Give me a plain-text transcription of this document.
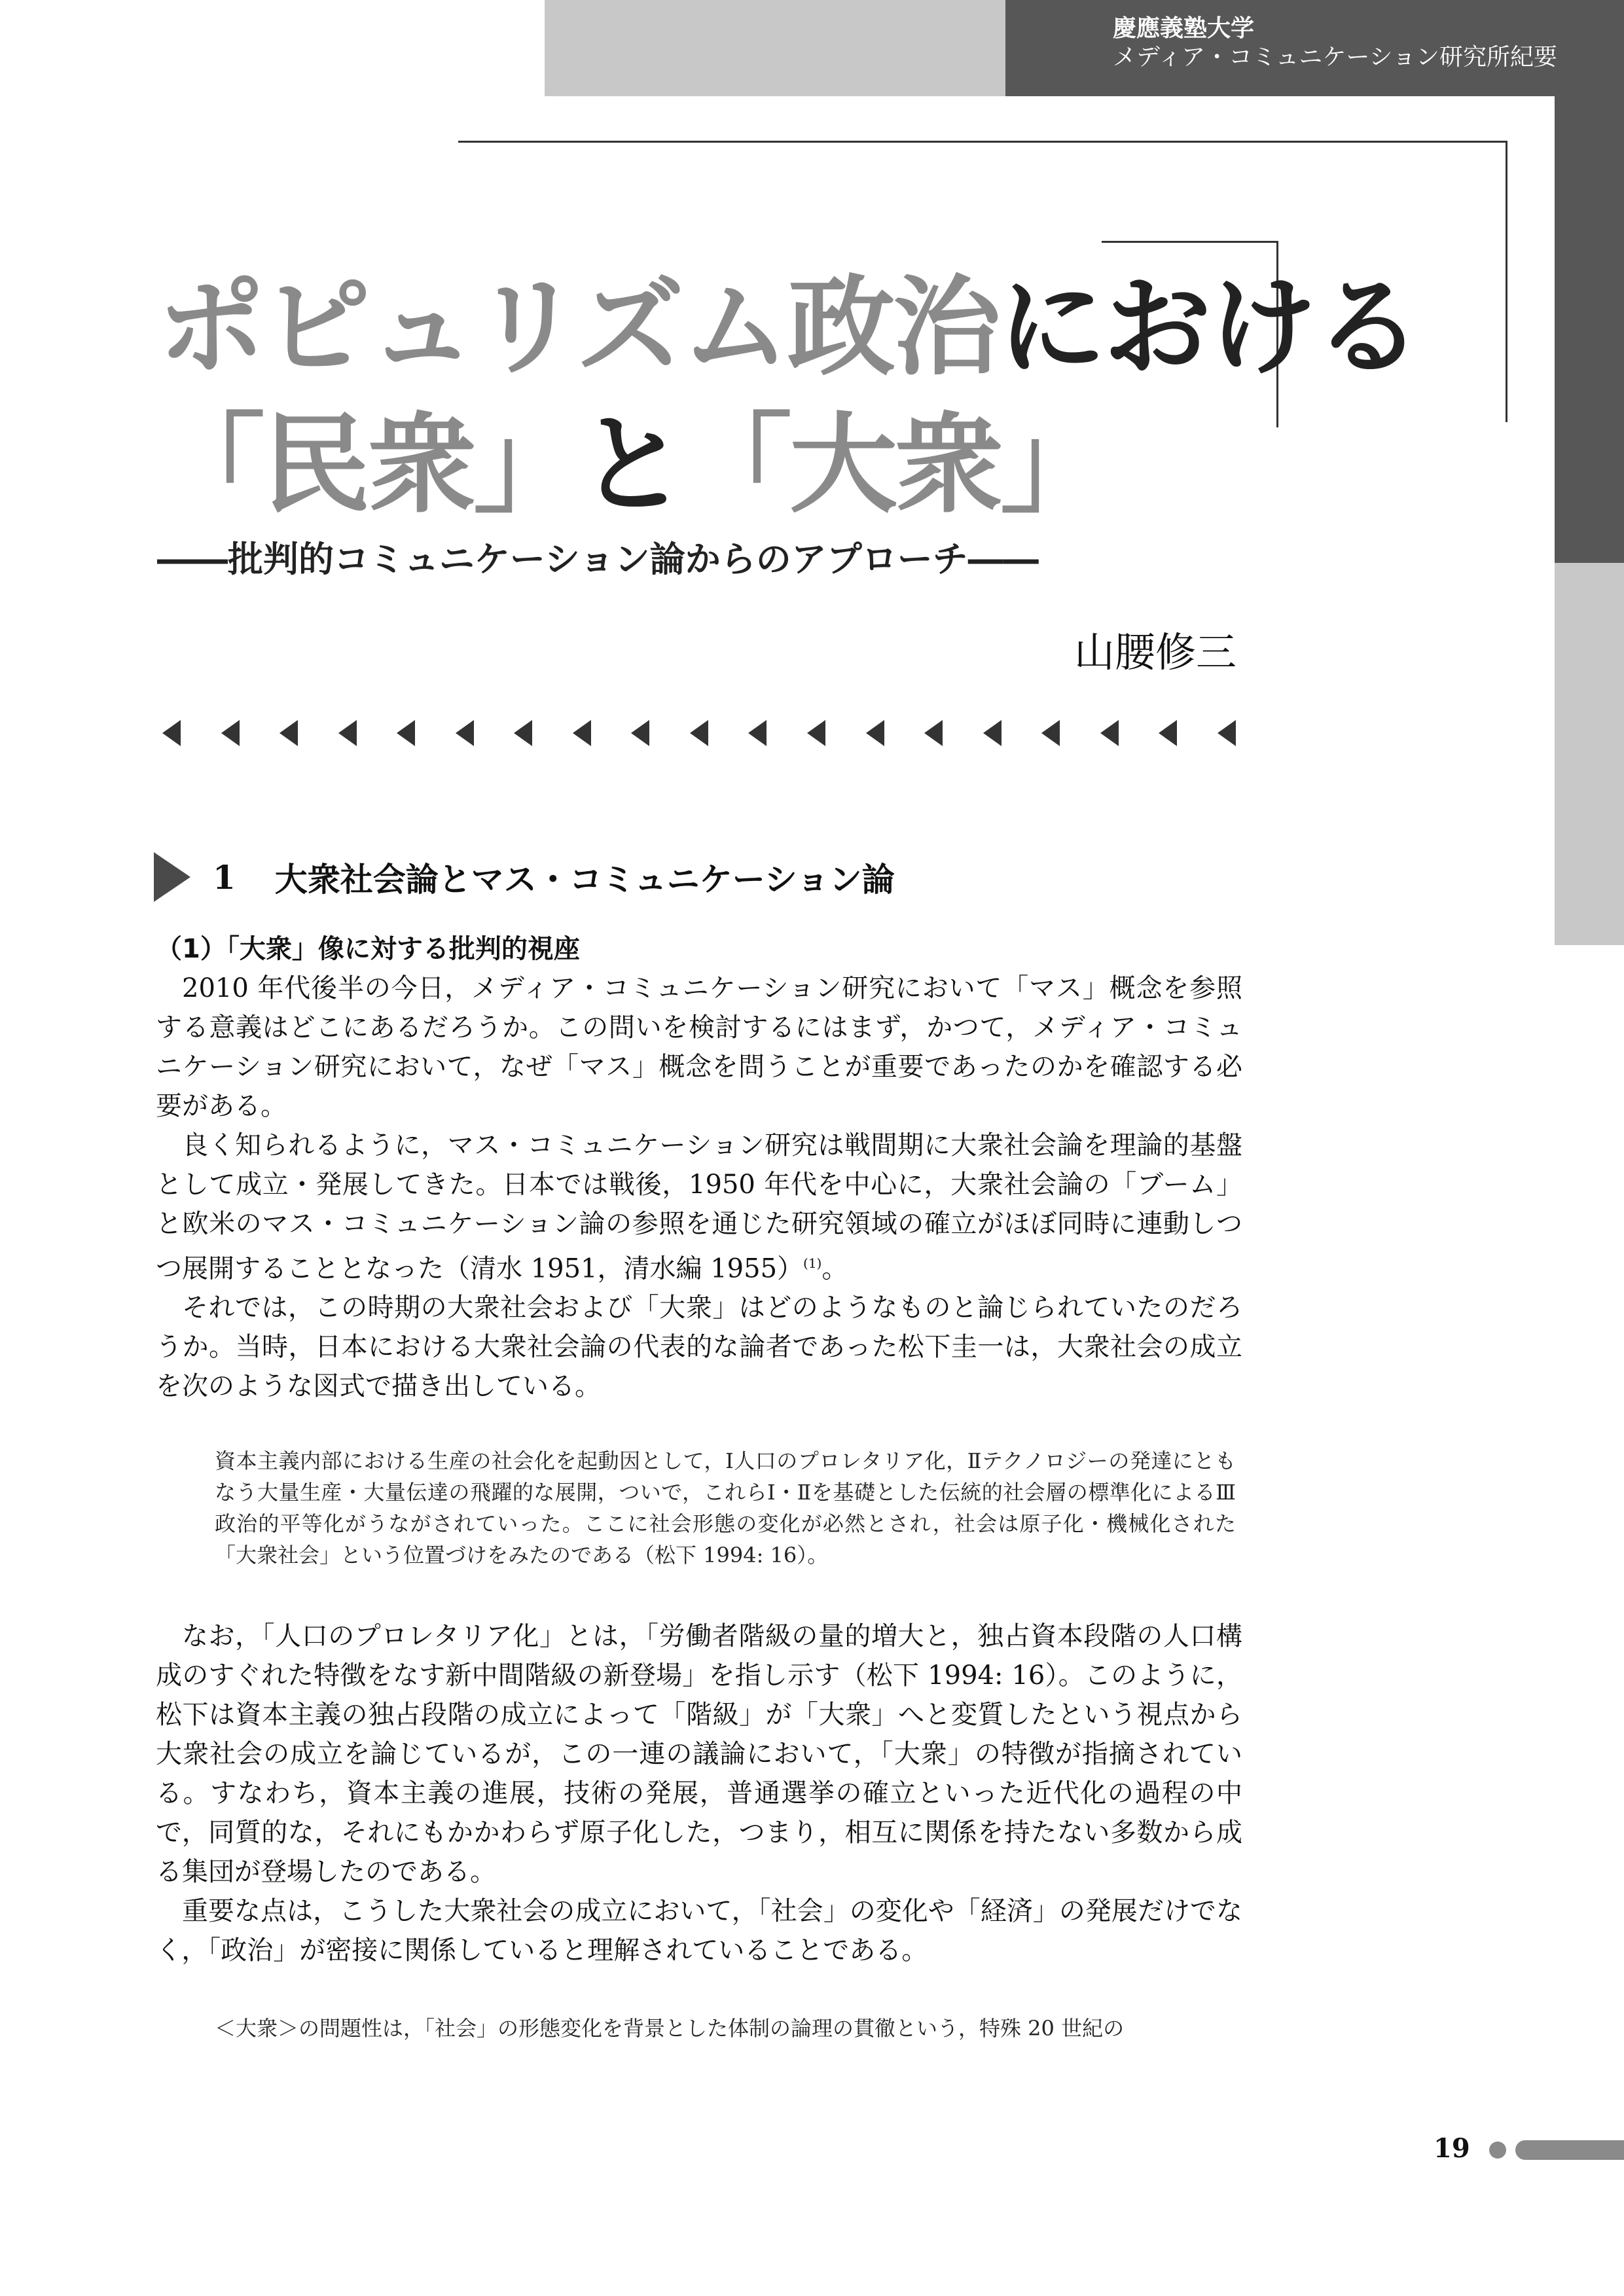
慶應義塾大学
メディア・コミュニケーション研究所紀要
ポピュリズム政治における
「民衆」と「大衆」
――批判的コミュニケーション論からのアプローチ――
山腰修三
1 大衆社会論とマス・コミュニケーション論
（1）「大衆」像に対する批判的視座

2010 年代後半の今日，メディア・コミュニケーション研究において「マス」概念を参照する意義はどこにあるだろうか。この問いを検討するにはまず，かつて，メディア・コミュニケーション研究において，なぜ「マス」概念を問うことが重要であったのかを確認する必要がある。

良く知られるように，マス・コミュニケーション研究は戦間期に大衆社会論を理論的基盤として成立・発展してきた。日本では戦後，1950 年代を中心に，大衆社会論の「ブーム」と欧米のマス・コミュニケーション論の参照を通じた研究領域の確立がほぼ同時に連動しつつ展開することとなった（清水 1951，清水編 1955）$^{(1)}$。

それでは，この時期の大衆社会および「大衆」はどのようなものと論じられていたのだろうか。当時，日本における大衆社会論の代表的な論者であった松下圭一は，大衆社会の成立を次のような図式で描き出している。

資本主義内部における生産の社会化を起動因として，Ⅰ人口のプロレタリア化，Ⅱテクノロジーの発達にともなう大量生産・大量伝達の飛躍的な展開，ついで，これらⅠ・Ⅱを基礎とした伝統的社会層の標準化によるⅢ政治的平等化がうながされていった。ここに社会形態の変化が必然とされ，社会は原子化・機械化された「大衆社会」という位置づけをみたのである（松下 1994: 16）。

なお，「人口のプロレタリア化」とは，「労働者階級の量的増大と，独占資本段階の人口構成のすぐれた特徴をなす新中間階級の新登場」を指し示す（松下 1994: 16）。このように，松下は資本主義の独占段階の成立によって「階級」が「大衆」へと変質したという視点から大衆社会の成立を論じているが，この一連の議論において，「大衆」の特徴が指摘されている。すなわち，資本主義の進展，技術の発展，普通選挙の確立といった近代化の過程の中で，同質的な，それにもかかわらず原子化した，つまり，相互に関係を持たない多数から成る集団が登場したのである。

重要な点は，こうした大衆社会の成立において，「社会」の変化や「経済」の発展だけでなく，「政治」が密接に関係していると理解されていることである。

＜大衆＞の問題性は，「社会」の形態変化を背景とした体制の論理の貫徹という，特殊 20 世紀の
19
